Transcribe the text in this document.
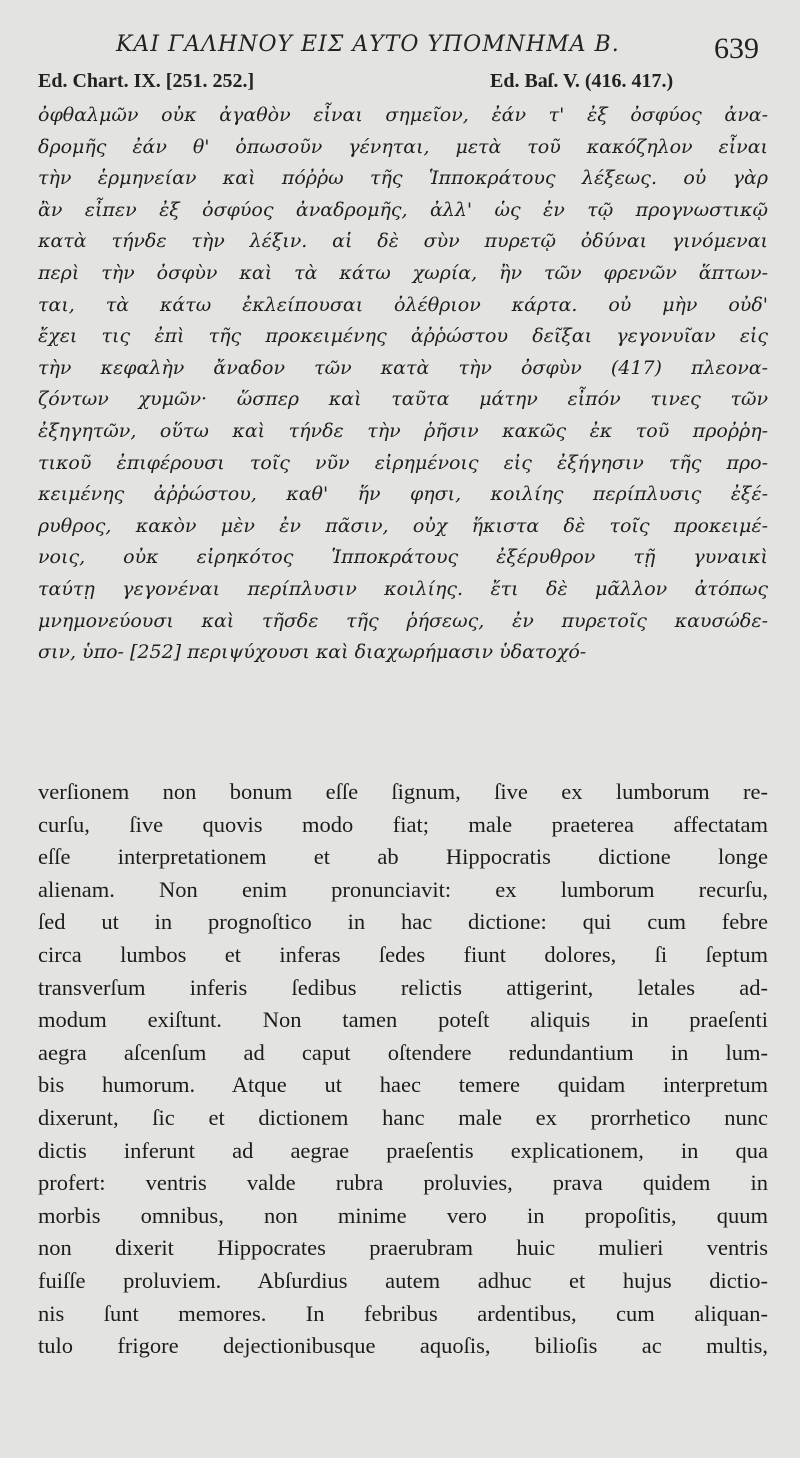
ΚΑΙ ΓΑΛΗΝΟΥ ΕΙΣ ΑΥΤΟ ΥΠΟΜΝΗΜΑ Β.	639
Ed. Chart. IX. [251. 252.]	Ed. Baſ. V. (416. 417.)
ὀφθαλμῶν οὐκ ἀγαθὸν εἶναι σημεῖον, ἐάν τ' ἐξ ὀσφύος ἀνα-
δρομῆς ἐάν θ' ὁπωσοῦν γένηται, μετὰ τοῦ κακόζηλον εἶναι
τὴν ἑρμηνείαν καὶ πόῤῥω τῆς Ἱπποκράτους λέξεως. οὐ γὰρ
ἂν εἶπεν ἐξ ὀσφύος ἀναδρομῆς, ἀλλ' ὡς ἐν τῷ προγνωστικῷ
κατὰ τήνδε τὴν λέξιν. αἱ δὲ σὺν πυρετῷ ὀδύναι γινόμεναι
περὶ τὴν ὀσφὺν καὶ τὰ κάτω χωρία, ἢν τῶν φρενῶν ἅπτων-
ται, τὰ κάτω ἐκλείπουσαι ὀλέθριον κάρτα. οὐ μὴν οὐδ'
ἔχει τις ἐπὶ τῆς προκειμένης ἀῤῥώστου δεῖξαι γεγονυῖαν εἰς
τὴν κεφαλὴν ἄναδον τῶν κατὰ τὴν ὀσφὺν (417) πλεονα-
ζόντων χυμῶν· ὥσπερ καὶ ταῦτα μάτην εἶπόν τινες τῶν
ἐξηγητῶν, οὕτω καὶ τήνδε τὴν ῥῆσιν κακῶς ἐκ τοῦ προῤῥη-
τικοῦ ἐπιφέρουσι τοῖς νῦν εἰρημένοις εἰς ἐξήγησιν τῆς προ-
κειμένης ἀῤῥώστου, καθ' ἥν φησι, κοιλίης περίπλυσις ἐξέ-
ρυθρος, κακὸν μὲν ἐν πᾶσιν, οὐχ ἥκιστα δὲ τοῖς προκειμέ-
νοις, οὐκ εἰρηκότος Ἱπποκράτους ἐξέρυθρον τῇ γυναικὶ
ταύτῃ γεγονέναι περίπλυσιν κοιλίης. ἔτι δὲ μᾶλλον ἀτόπως
μνημονεύουσι καὶ τῆσδε τῆς ῥήσεως, ἐν πυρετοῖς καυσώδε-
σιν, ὑπο- [252] περιψύχουσι καὶ διαχωρήμασιν ὑδατοχό-
verſionem non bonum eſſe ſignum, ſive ex lumborum re-
curſu, ſive quovis modo fiat; male praeterea affectatam
eſſe interpretationem et ab Hippocratis dictione longe
alienam. Non enim pronunciavit: ex lumborum recurſu,
ſed ut in prognoſtico in hac dictione: qui cum febre
circa lumbos et inferas ſedes fiunt dolores, ſi ſeptum
transverſum inferis ſedibus relictis attigerint, letales ad-
modum exiſtunt. Non tamen poteſt aliquis in praeſenti
aegra aſcenſum ad caput oſtendere redundantium in lum-
bis humorum. Atque ut haec temere quidam interpretum
dixerunt, ſic et dictionem hanc male ex prorrhetico nunc
dictis inferunt ad aegrae praeſentis explicationem, in qua
profert: ventris valde rubra proluvies, prava quidem in
morbis omnibus, non minime vero in propoſitis, quum
non dixerit Hippocrates praerubram huic mulieri ventris
fuiſſe proluviem. Abſurdius autem adhuc et hujus dictio-
nis ſunt memores. In febribus ardentibus, cum aliquan-
tulo frigore dejectionibusque aquoſis, bilioſis ac multis,
